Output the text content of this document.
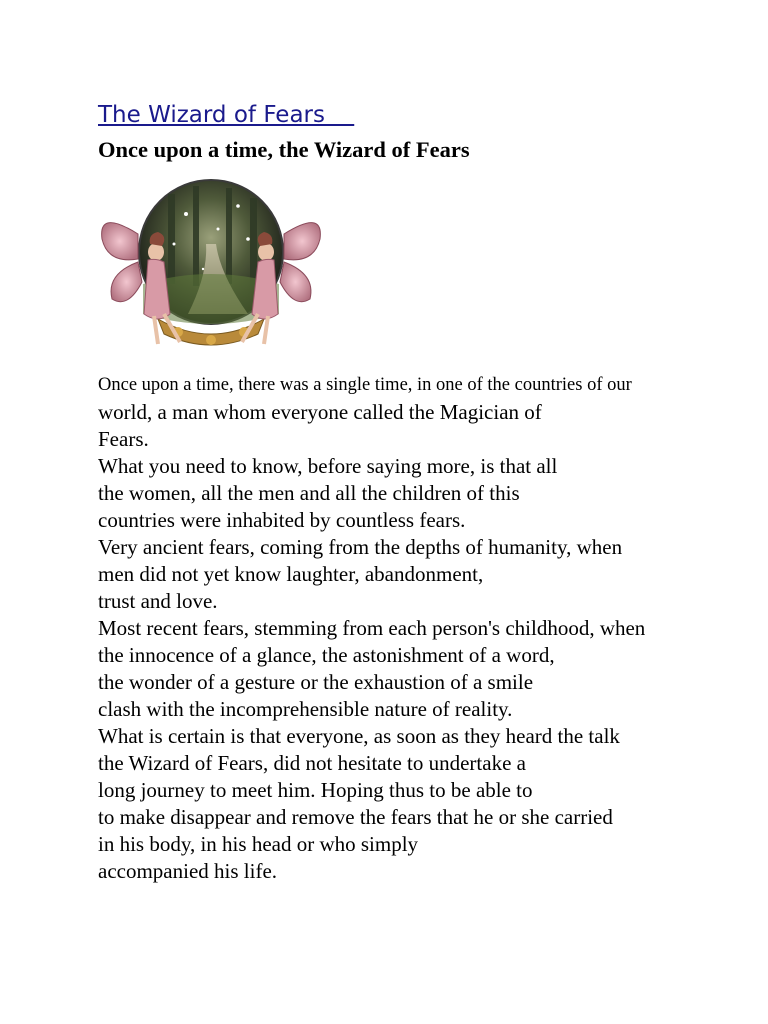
The Wizard of Fears
Once upon a time, the Wizard of Fears
Once upon a time, there was a single time, in one of the countries of our
world, a man whom everyone called the Magician of
Fears.
What you need to know, before saying more, is that all
the women, all the men and all the children of this
countries were inhabited by countless fears.
Very ancient fears, coming from the depths of humanity, when
men did not yet know laughter, abandonment,
trust and love.
Most recent fears, stemming from each person's childhood, when
the innocence of a glance, the astonishment of a word,
the wonder of a gesture or the exhaustion of a smile
clash with the incomprehensible nature of reality.
What is certain is that everyone, as soon as they heard the talk
the Wizard of Fears, did not hesitate to undertake a
long journey to meet him. Hoping thus to be able to
to make disappear and remove the fears that he or she carried
in his body, in his head or who simply
accompanied his life.
